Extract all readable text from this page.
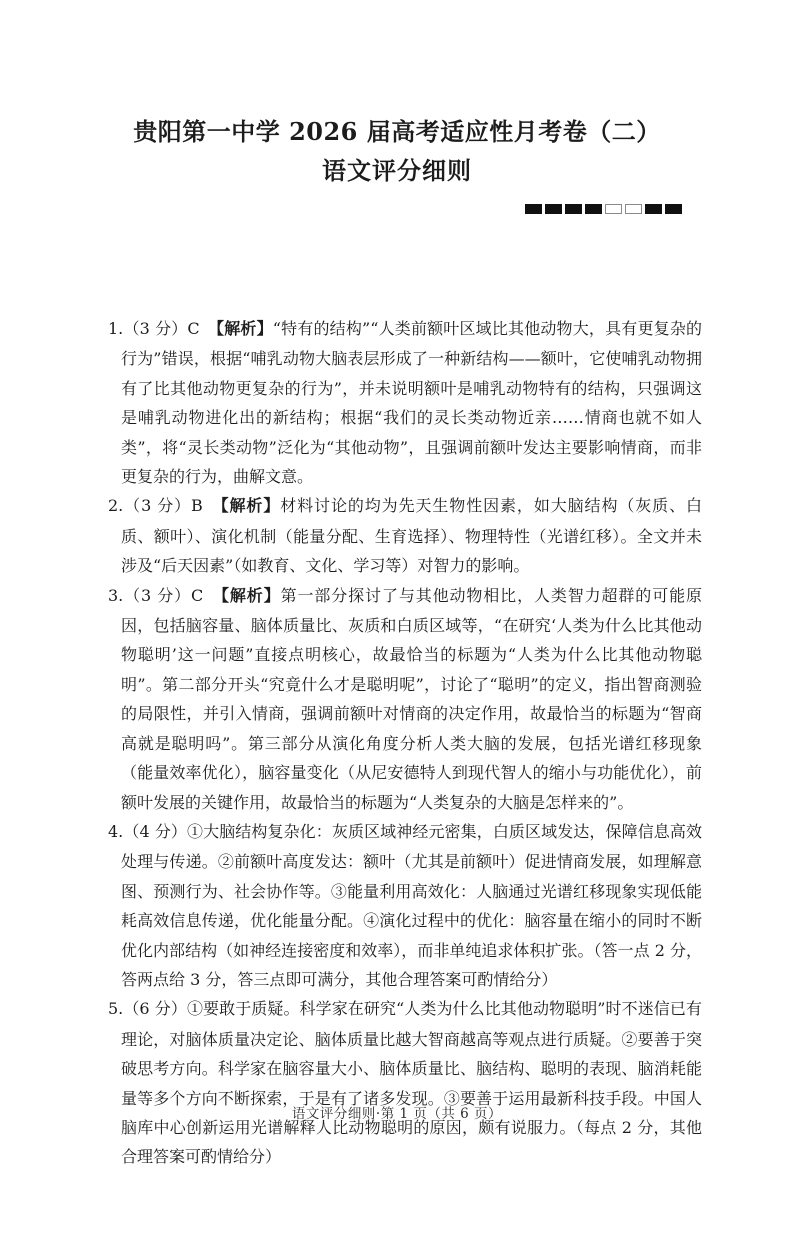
贵阳第一中学 2026 届高考适应性月考卷（二）
语文评分细则

1.（3 分）C　【解析】“特有的结构”“人类前额叶区域比其他动物大，具有更复杂的行为”错误，根据“哺乳动物大脑表层形成了一种新结构——额叶，它使哺乳动物拥有了比其他动物更复杂的行为”，并未说明额叶是哺乳动物特有的结构，只强调这是哺乳动物进化出的新结构；根据“我们的灵长类动物近亲……情商也就不如人类”，将“灵长类动物”泛化为“其他动物”，且强调前额叶发达主要影响情商，而非更复杂的行为，曲解文意。

2.（3 分）B　【解析】材料讨论的均为先天生物性因素，如大脑结构（灰质、白质、额叶）、演化机制（能量分配、生育选择）、物理特性（光谱红移）。全文并未涉及“后天因素”（如教育、文化、学习等）对智力的影响。

3.（3 分）C　【解析】第一部分探讨了与其他动物相比，人类智力超群的可能原因，包括脑容量、脑体质量比、灰质和白质区域等，“在研究‘人类为什么比其他动物聪明’这一问题”直接点明核心，故最恰当的标题为“人类为什么比其他动物聪明”。第二部分开头“究竟什么才是聪明呢”，讨论了“聪明”的定义，指出智商测验的局限性，并引入情商，强调前额叶对情商的决定作用，故最恰当的标题为“智商高就是聪明吗”。第三部分从演化角度分析人类大脑的发展，包括光谱红移现象（能量效率优化），脑容量变化（从尼安德特人到现代智人的缩小与功能优化），前额叶发展的关键作用，故最恰当的标题为“人类复杂的大脑是怎样来的”。

4.（4 分）①大脑结构复杂化：灰质区域神经元密集，白质区域发达，保障信息高效处理与传递。②前额叶高度发达：额叶（尤其是前额叶）促进情商发展，如理解意图、预测行为、社会协作等。③能量利用高效化：人脑通过光谱红移现象实现低能耗高效信息传递，优化能量分配。④演化过程中的优化：脑容量在缩小的同时不断优化内部结构（如神经连接密度和效率），而非单纯追求体积扩张。（答一点 2 分，答两点给 3 分，答三点即可满分，其他合理答案可酌情给分）

5.（6 分）①要敢于质疑。科学家在研究“人类为什么比其他动物聪明”时不迷信已有理论，对脑体质量决定论、脑体质量比越大智商越高等观点进行质疑。②要善于突破思考方向。科学家在脑容量大小、脑体质量比、脑结构、聪明的表现、脑消耗能量等多个方向不断探索，于是有了诸多发现。③要善于运用最新科技手段。中国人脑库中心创新运用光谱解释人比动物聪明的原因，颇有说服力。（每点 2 分，其他合理答案可酌情给分）

语文评分细则·第 1 页（共 6 页）
